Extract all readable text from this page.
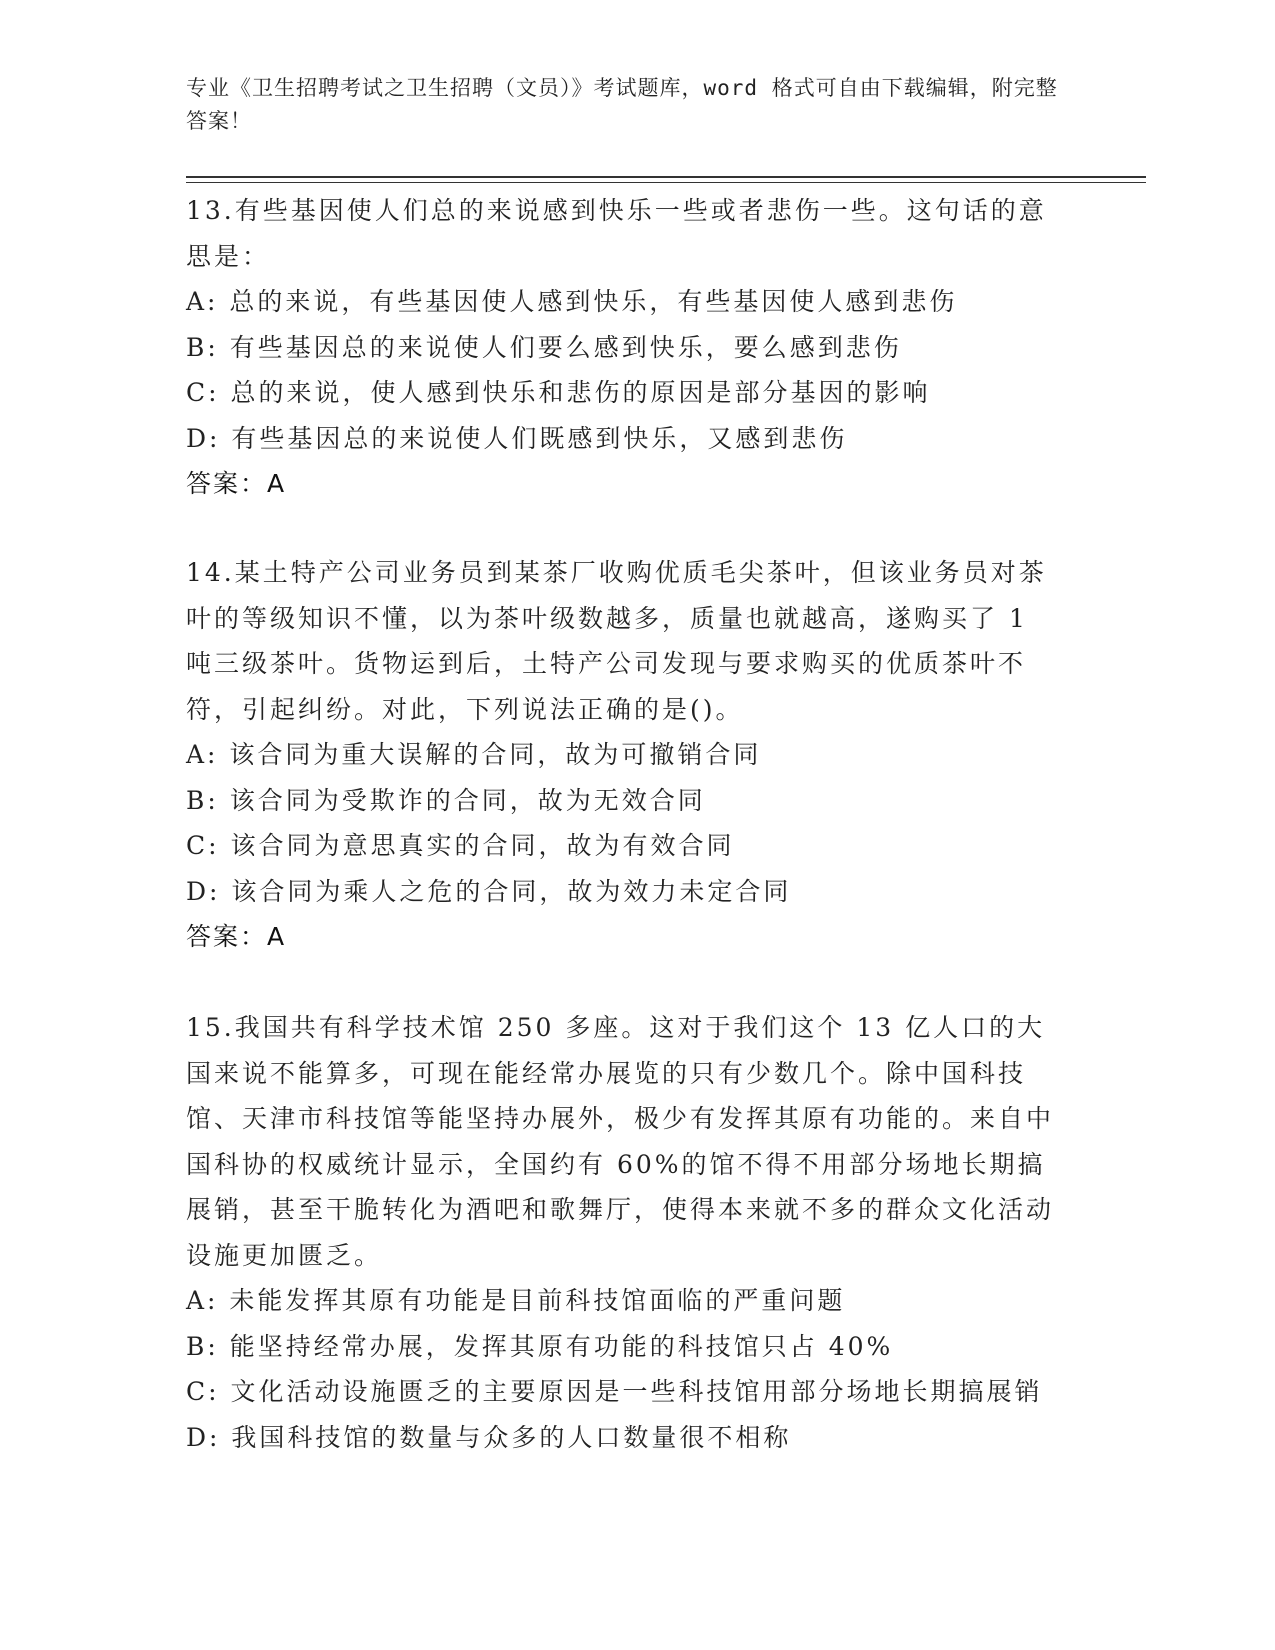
专业《卫生招聘考试之卫生招聘（文员）》考试题库，word 格式可自由下载编辑，附完整答案！

13.有些基因使人们总的来说感到快乐一些或者悲伤一些。这句话的意思是：

A: 总的来说，有些基因使人感到快乐，有些基因使人感到悲伤

B: 有些基因总的来说使人们要么感到快乐，要么感到悲伤

C: 总的来说，使人感到快乐和悲伤的原因是部分基因的影响

D: 有些基因总的来说使人们既感到快乐，又感到悲伤

答案：A

14.某土特产公司业务员到某茶厂收购优质毛尖茶叶，但该业务员对茶叶的等级知识不懂，以为茶叶级数越多，质量也就越高，遂购买了 1 吨三级茶叶。货物运到后，土特产公司发现与要求购买的优质茶叶不符，引起纠纷。对此，下列说法正确的是()。

A: 该合同为重大误解的合同，故为可撤销合同

B: 该合同为受欺诈的合同，故为无效合同

C: 该合同为意思真实的合同，故为有效合同

D: 该合同为乘人之危的合同，故为效力未定合同

答案：A

15.我国共有科学技术馆 250 多座。这对于我们这个 13 亿人口的大国来说不能算多，可现在能经常办展览的只有少数几个。除中国科技馆、天津市科技馆等能坚持办展外，极少有发挥其原有功能的。来自中国科协的权威统计显示，全国约有 60%的馆不得不用部分场地长期搞展销，甚至干脆转化为酒吧和歌舞厅，使得本来就不多的群众文化活动设施更加匮乏。

A: 未能发挥其原有功能是目前科技馆面临的严重问题

B: 能坚持经常办展，发挥其原有功能的科技馆只占 40%

C: 文化活动设施匮乏的主要原因是一些科技馆用部分场地长期搞展销

D: 我国科技馆的数量与众多的人口数量很不相称
